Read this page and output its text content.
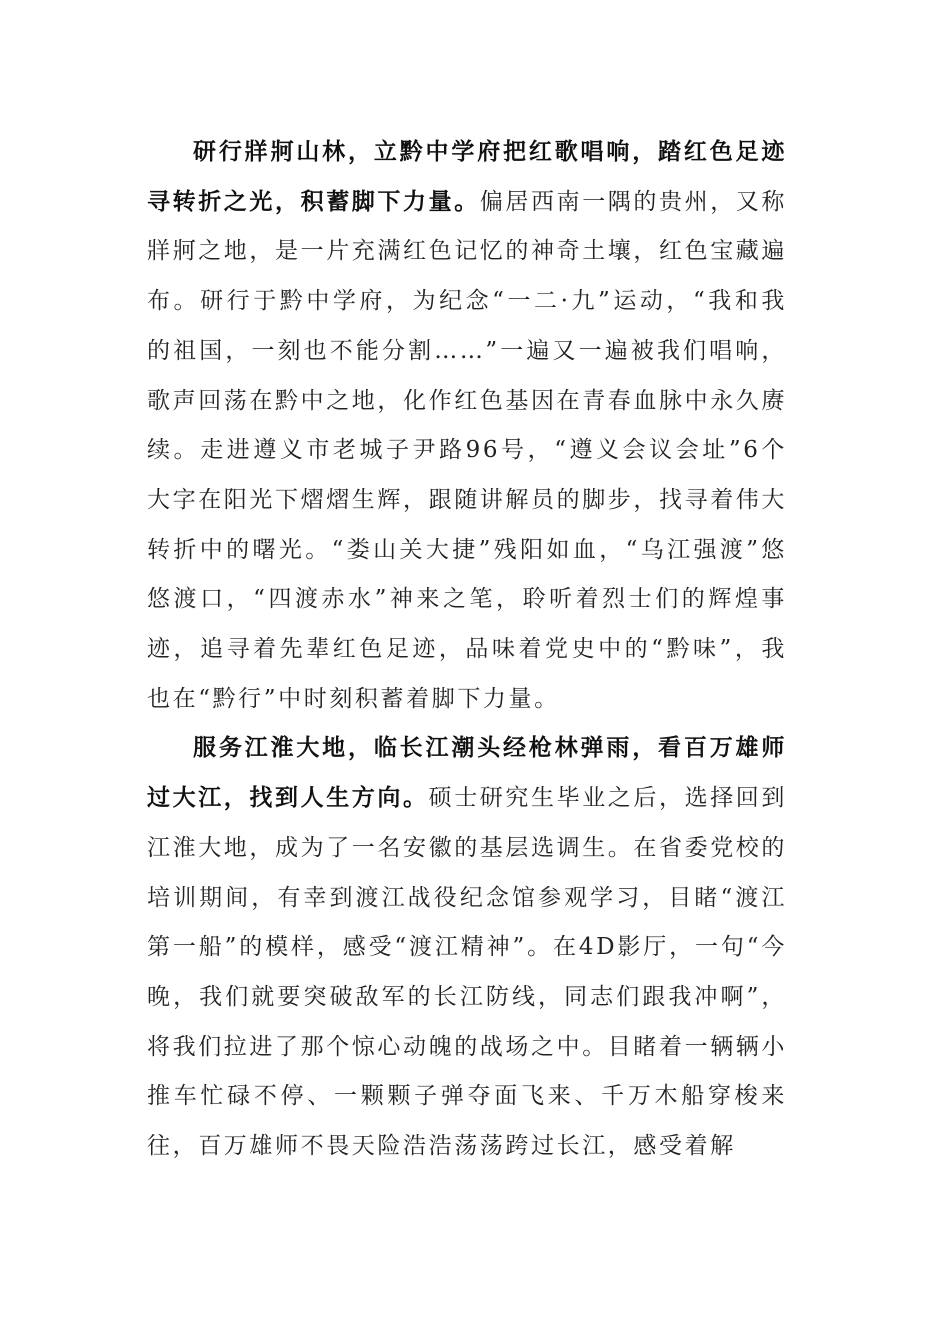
研行牂牁山林，立黔中学府把红歌唱响，踏红色足迹寻转折之光，积蓄脚下力量。偏居西南一隅的贵州，又称牂牁之地，是一片充满红色记忆的神奇土壤，红色宝藏遍布。研行于黔中学府，为纪念“一二·九”运动，“我和我的祖国，一刻也不能分割……”一遍又一遍被我们唱响，歌声回荡在黔中之地，化作红色基因在青春血脉中永久赓续。走进遵义市老城子尹路96号，“遵义会议会址”6个大字在阳光下熠熠生辉，跟随讲解员的脚步，找寻着伟大转折中的曙光。“娄山关大捷”残阳如血，“乌江强渡”悠悠渡口，“四渡赤水”神来之笔，聆听着烈士们的辉煌事迹，追寻着先辈红色足迹，品味着党史中的“黔味”，我也在“黔行”中时刻积蓄着脚下力量。

服务江淮大地，临长江潮头经枪林弹雨，看百万雄师过大江，找到人生方向。硕士研究生毕业之后，选择回到江淮大地，成为了一名安徽的基层选调生。在省委党校的培训期间，有幸到渡江战役纪念馆参观学习，目睹“渡江第一船”的模样，感受“渡江精神”。在4D影厅，一句“今晚，我们就要突破敌军的长江防线，同志们跟我冲啊”，将我们拉进了那个惊心动魄的战场之中。目睹着一辆辆小推车忙碌不停、一颗颗子弹夺面飞来、千万木船穿梭来往，百万雄师不畏天险浩浩荡荡跨过长江，感受着解
